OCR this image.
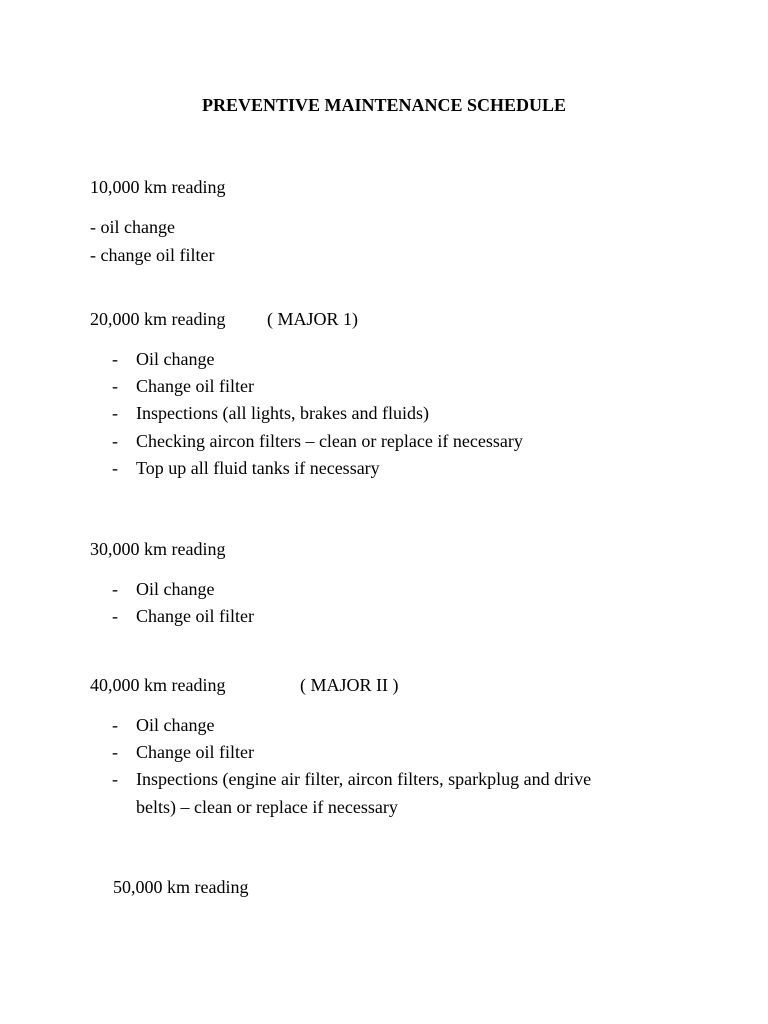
PREVENTIVE MAINTENANCE SCHEDULE
10,000 km reading
- oil change
- change oil filter
20,000 km reading ( MAJOR 1)
- Oil change
- Change oil filter
- Inspections (all lights, brakes and fluids)
- Checking aircon filters – clean or replace if necessary
- Top up all fluid tanks if necessary
30,000 km reading
- Oil change
- Change oil filter
40,000 km reading	( MAJOR II )
- Oil change
- Change oil filter
- Inspections (engine air filter, aircon filters, sparkplug and drive
belts) – clean or replace if necessary
50,000 km reading
